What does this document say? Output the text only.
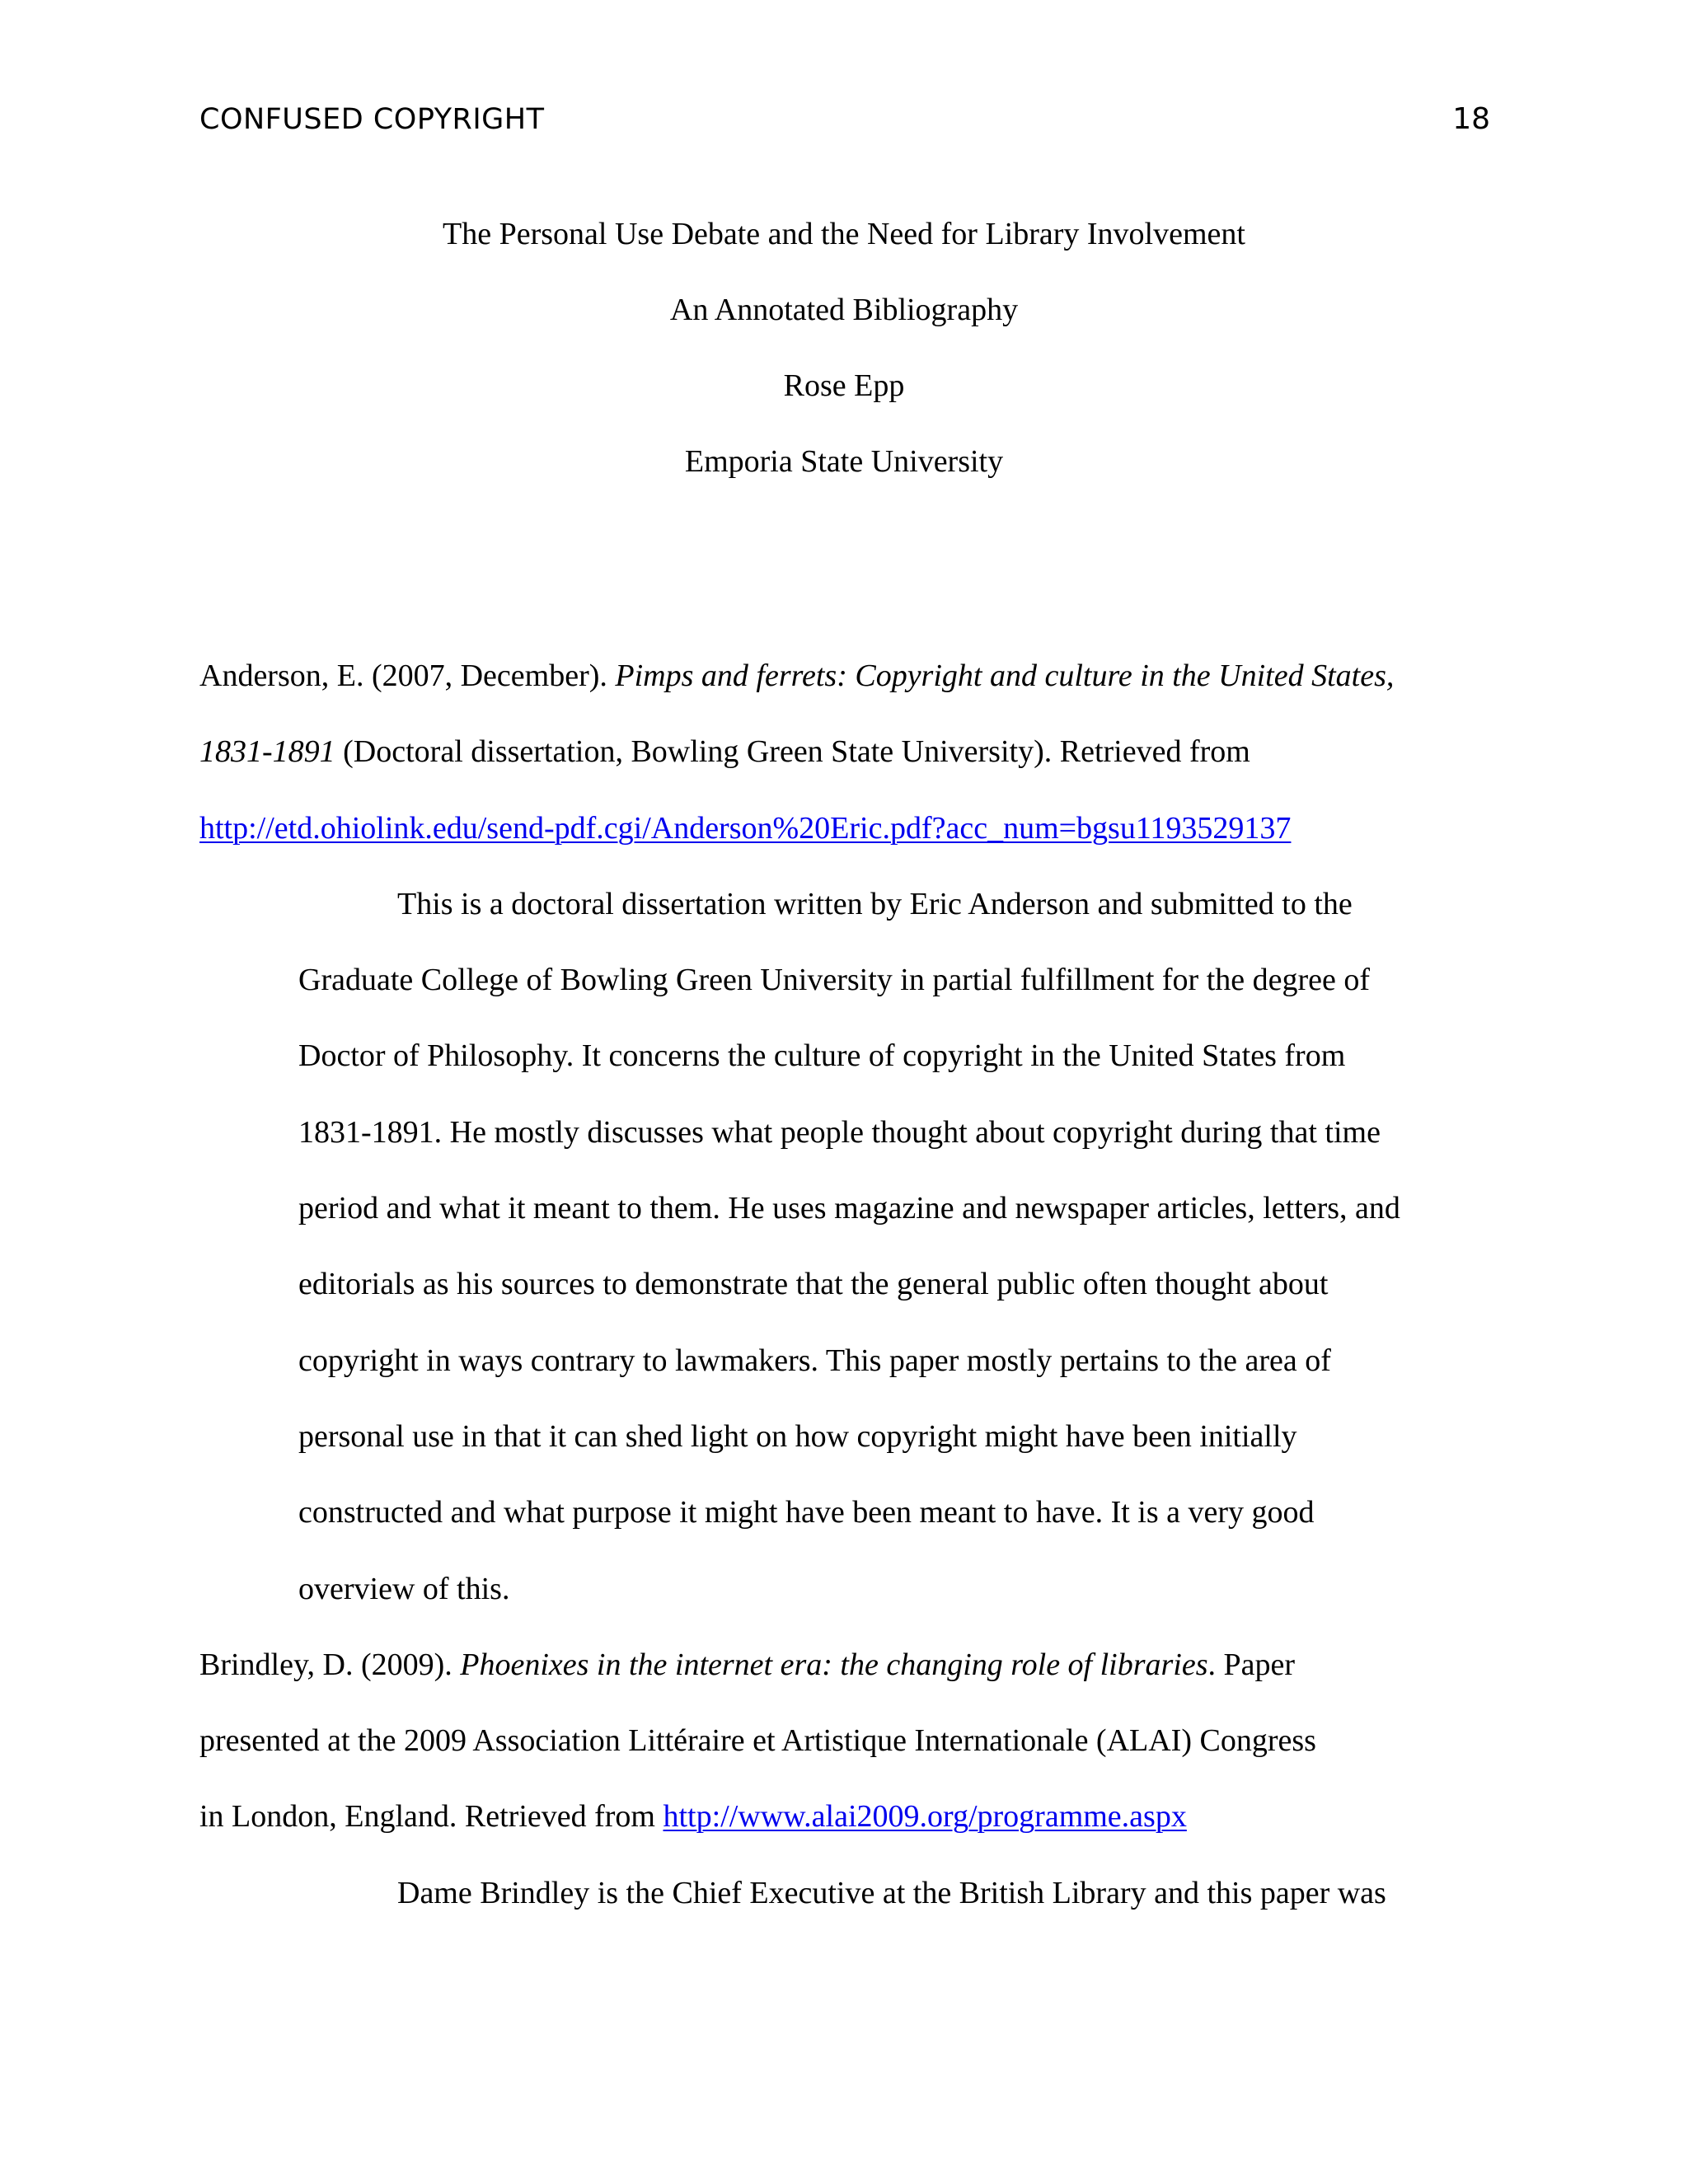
CONFUSED COPYRIGHT	18
The Personal Use Debate and the Need for Library Involvement
An Annotated Bibliography
Rose Epp
Emporia State University
Anderson, E. (2007, December). Pimps and ferrets: Copyright and culture in the United States,
1831-1891 (Doctoral dissertation, Bowling Green State University). Retrieved from
http://etd.ohiolink.edu/send-pdf.cgi/Anderson%20Eric.pdf?acc_num=bgsu1193529137
This is a doctoral dissertation written by Eric Anderson and submitted to the
Graduate College of Bowling Green University in partial fulfillment for the degree of
Doctor of Philosophy. It concerns the culture of copyright in the United States from
1831-1891. He mostly discusses what people thought about copyright during that time
period and what it meant to them. He uses magazine and newspaper articles, letters, and
editorials as his sources to demonstrate that the general public often thought about
copyright in ways contrary to lawmakers. This paper mostly pertains to the area of
personal use in that it can shed light on how copyright might have been initially
constructed and what purpose it might have been meant to have. It is a very good
overview of this.
Brindley, D. (2009). Phoenixes in the internet era: the changing role of libraries. Paper
presented at the 2009 Association Littéraire et Artistique Internationale (ALAI) Congress
in London, England. Retrieved from http://www.alai2009.org/programme.aspx
Dame Brindley is the Chief Executive at the British Library and this paper was
